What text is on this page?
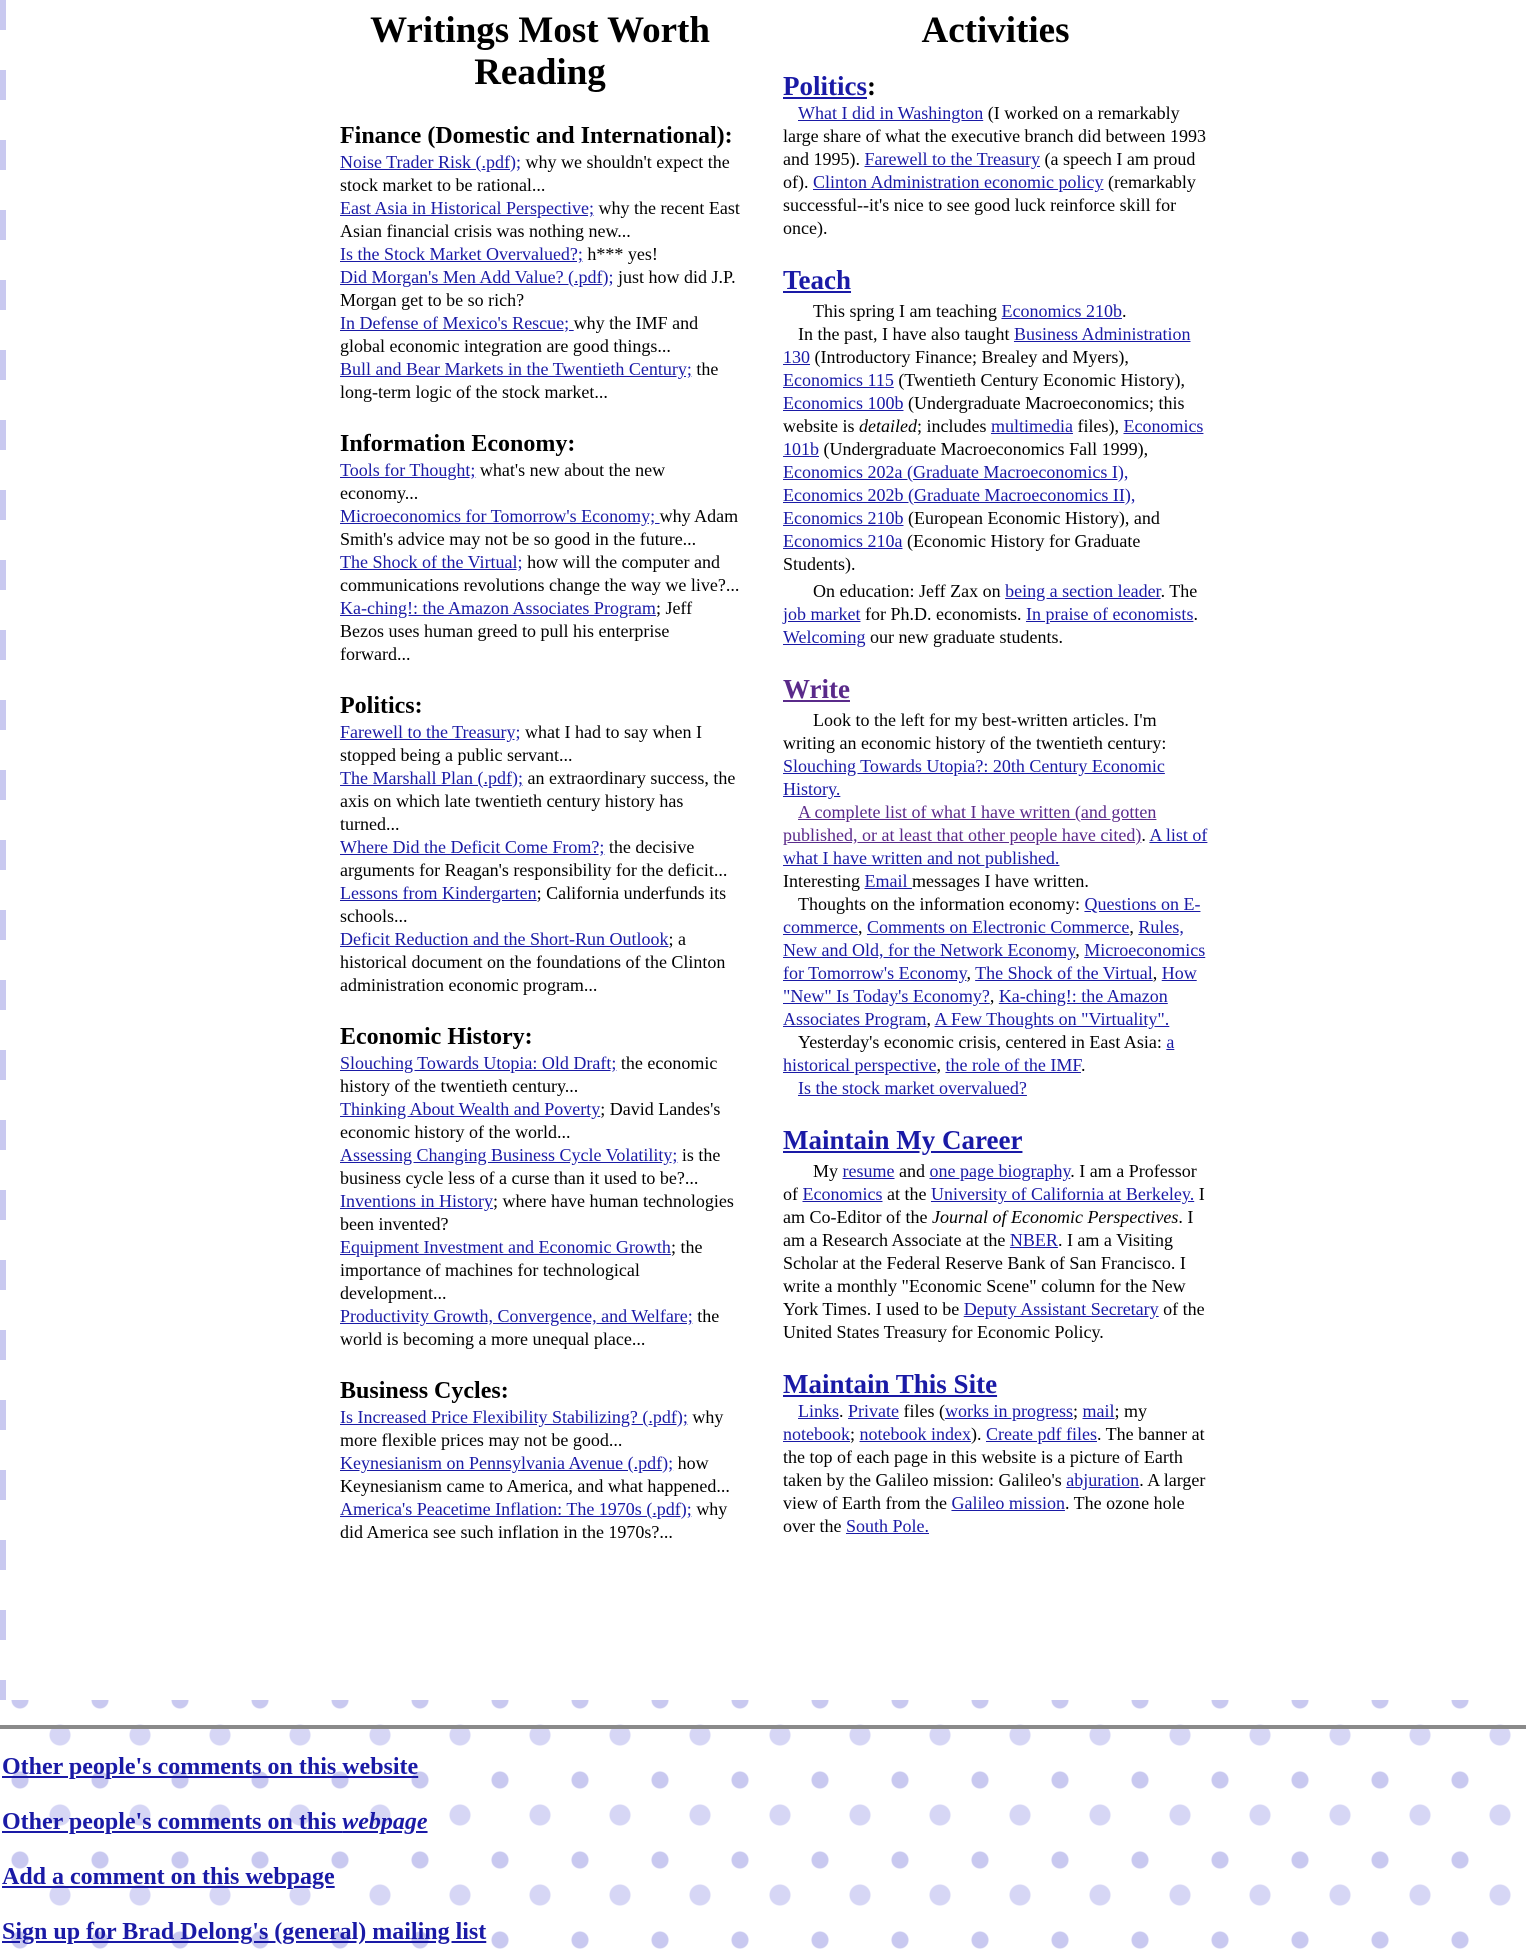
Writings Most Worth Reading
Finance (Domestic and International):
Noise Trader Risk (.pdf); why we shouldn't expect the stock market to be rational...
East Asia in Historical Perspective; why the recent East Asian financial crisis was nothing new...
Is the Stock Market Overvalued?; h*** yes!
Did Morgan's Men Add Value? (.pdf); just how did J.P. Morgan get to be so rich?
In Defense of Mexico's Rescue; why the IMF and global economic integration are good things...
Bull and Bear Markets in the Twentieth Century; the long-term logic of the stock market...
Information Economy:
Tools for Thought; what's new about the new economy...
Microeconomics for Tomorrow's Economy; why Adam Smith's advice may not be so good in the future...
The Shock of the Virtual; how will the computer and communications revolutions change the way we live?...
Ka-ching!: the Amazon Associates Program; Jeff Bezos uses human greed to pull his enterprise forward...
Politics:
Farewell to the Treasury; what I had to say when I stopped being a public servant...
The Marshall Plan (.pdf); an extraordinary success, the axis on which late twentieth century history has turned...
Where Did the Deficit Come From?; the decisive arguments for Reagan's responsibility for the deficit...
Lessons from Kindergarten; California underfunds its schools...
Deficit Reduction and the Short-Run Outlook; a historical document on the foundations of the Clinton administration economic program...
Economic History:
Slouching Towards Utopia: Old Draft; the economic history of the twentieth century...
Thinking About Wealth and Poverty; David Landes's economic history of the world...
Assessing Changing Business Cycle Volatility; is the business cycle less of a curse than it used to be?...
Inventions in History; where have human technologies been invented?
Equipment Investment and Economic Growth; the importance of machines for technological development...
Productivity Growth, Convergence, and Welfare; the world is becoming a more unequal place...
Business Cycles:
Is Increased Price Flexibility Stabilizing? (.pdf); why more flexible prices may not be good...
Keynesianism on Pennsylvania Avenue (.pdf); how Keynesianism came to America, and what happened...
America's Peacetime Inflation: The 1970s (.pdf); why did America see such inflation in the 1970s?...
Activities
Politics:

What I did in Washington (I worked on a remarkably large share of what the executive branch did between 1993 and 1995). Farewell to the Treasury (a speech I am proud of). Clinton Administration economic policy (remarkably successful--it's nice to see good luck reinforce skill for once).

Teach

This spring I am teaching Economics 210b.

In the past, I have also taught Business Administration 130 (Introductory Finance; Brealey and Myers), Economics 115 (Twentieth Century Economic History), Economics 100b (Undergraduate Macroeconomics; this website is detailed; includes multimedia files), Economics 101b (Undergraduate Macroeconomics Fall 1999), Economics 202a (Graduate Macroeconomics I), Economics 202b (Graduate Macroeconomics II), Economics 210b (European Economic History), and Economics 210a (Economic History for Graduate Students).

On education: Jeff Zax on being a section leader. The job market for Ph.D. economists. In praise of economists. Welcoming our new graduate students.

Write

Look to the left for my best-written articles. I'm writing an economic history of the twentieth century: Slouching Towards Utopia?: 20th Century Economic History.

A complete list of what I have written (and gotten published, or at least that other people have cited). A list of what I have written and not published.

Interesting Email messages I have written.

Thoughts on the information economy: Questions on E-commerce, Comments on Electronic Commerce, Rules, New and Old, for the Network Economy, Microeconomics for Tomorrow's Economy, The Shock of the Virtual, How "New" Is Today's Economy?, Ka-ching!: the Amazon Associates Program, A Few Thoughts on "Virtuality".

Yesterday's economic crisis, centered in East Asia: a historical perspective, the role of the IMF.

Is the stock market overvalued?

Maintain My Career

My resume and one page biography. I am a Professor of Economics at the University of California at Berkeley. I am Co-Editor of the Journal of Economic Perspectives. I am a Research Associate at the NBER. I am a Visiting Scholar at the Federal Reserve Bank of San Francisco. I write a monthly "Economic Scene" column for the New York Times. I used to be Deputy Assistant Secretary of the United States Treasury for Economic Policy.

Maintain This Site

Links. Private files (works in progress; mail; my notebook; notebook index). Create pdf files. The banner at the top of each page in this website is a picture of Earth taken by the Galileo mission: Galileo's abjuration. A larger view of Earth from the Galileo mission. The ozone hole over the South Pole.

Other people's comments on this website
Other people's comments on this webpage
Add a comment on this webpage
Sign up for Brad Delong's (general) mailing list
